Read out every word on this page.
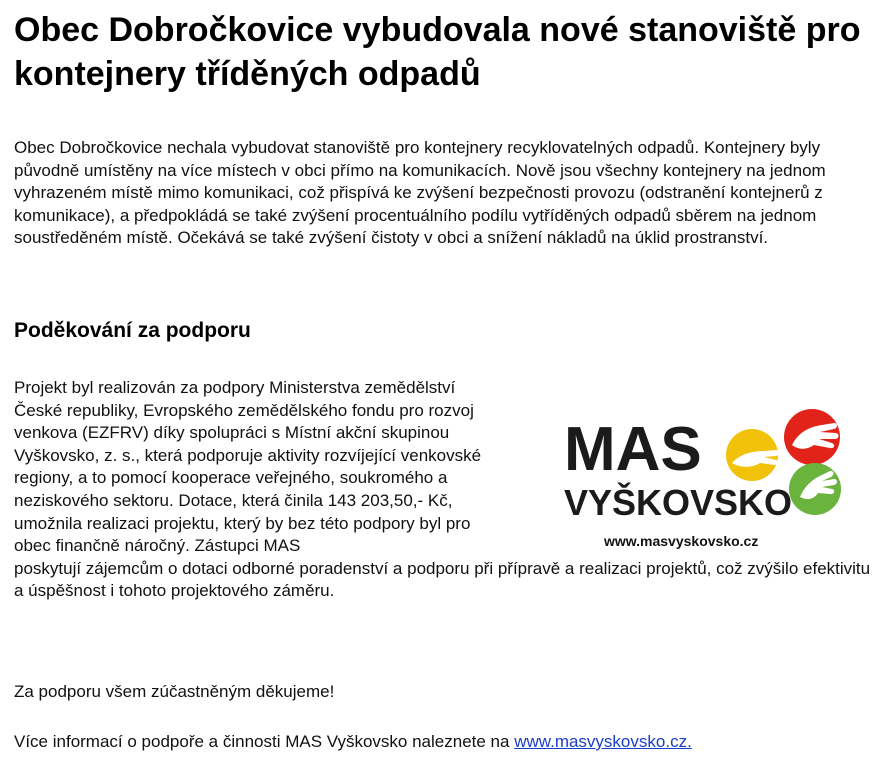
Obec Dobročkovice vybudovala nové stanoviště pro kontejnery tříděných odpadů

Obec Dobročkovice nechala vybudovat stanoviště pro kontejnery recyklovatelných odpadů. Kontejnery byly původně umístěny na více místech v obci přímo na komunikacích. Nově jsou všechny kontejnery na jednom vyhrazeném místě mimo komunikaci, což přispívá ke zvýšení bezpečnosti provozu (odstranění kontejnerů z komunikace), a předpokládá se také zvýšení procentuálního podílu vytříděných odpadů sběrem na jednom soustředěném místě. Očekává se také zvýšení čistoty v obci a snížení nákladů na úklid prostranství.

Poděkování za podporu

Projekt byl realizován za podpory Ministerstva zemědělství České republiky, Evropského zemědělského fondu pro rozvoj venkova (EZFRV) díky spolupráci s Místní akční skupinou Vyškovsko, z. s., která podporuje aktivity rozvíjející venkovské regiony, a to pomocí kooperace veřejného, soukromého a neziskového sektoru. Dotace, která činila 143 203,50,- Kč, umožnila realizaci projektu, který by bez této podpory byl pro obec finančně náročný. Zástupci MAS
poskytují zájemcům o dotaci odborné poradenství a podporu při přípravě a realizaci projektů, což zvýšilo efektivitu a úspěšnost i tohoto projektového záměru.

Za podporu všem zúčastněným děkujeme!

Více informací o podpoře a činnosti MAS Vyškovsko naleznete na www.masvyskovsko.cz.

MAS
VYŠKOVSKO
www.masvyskovsko.cz
